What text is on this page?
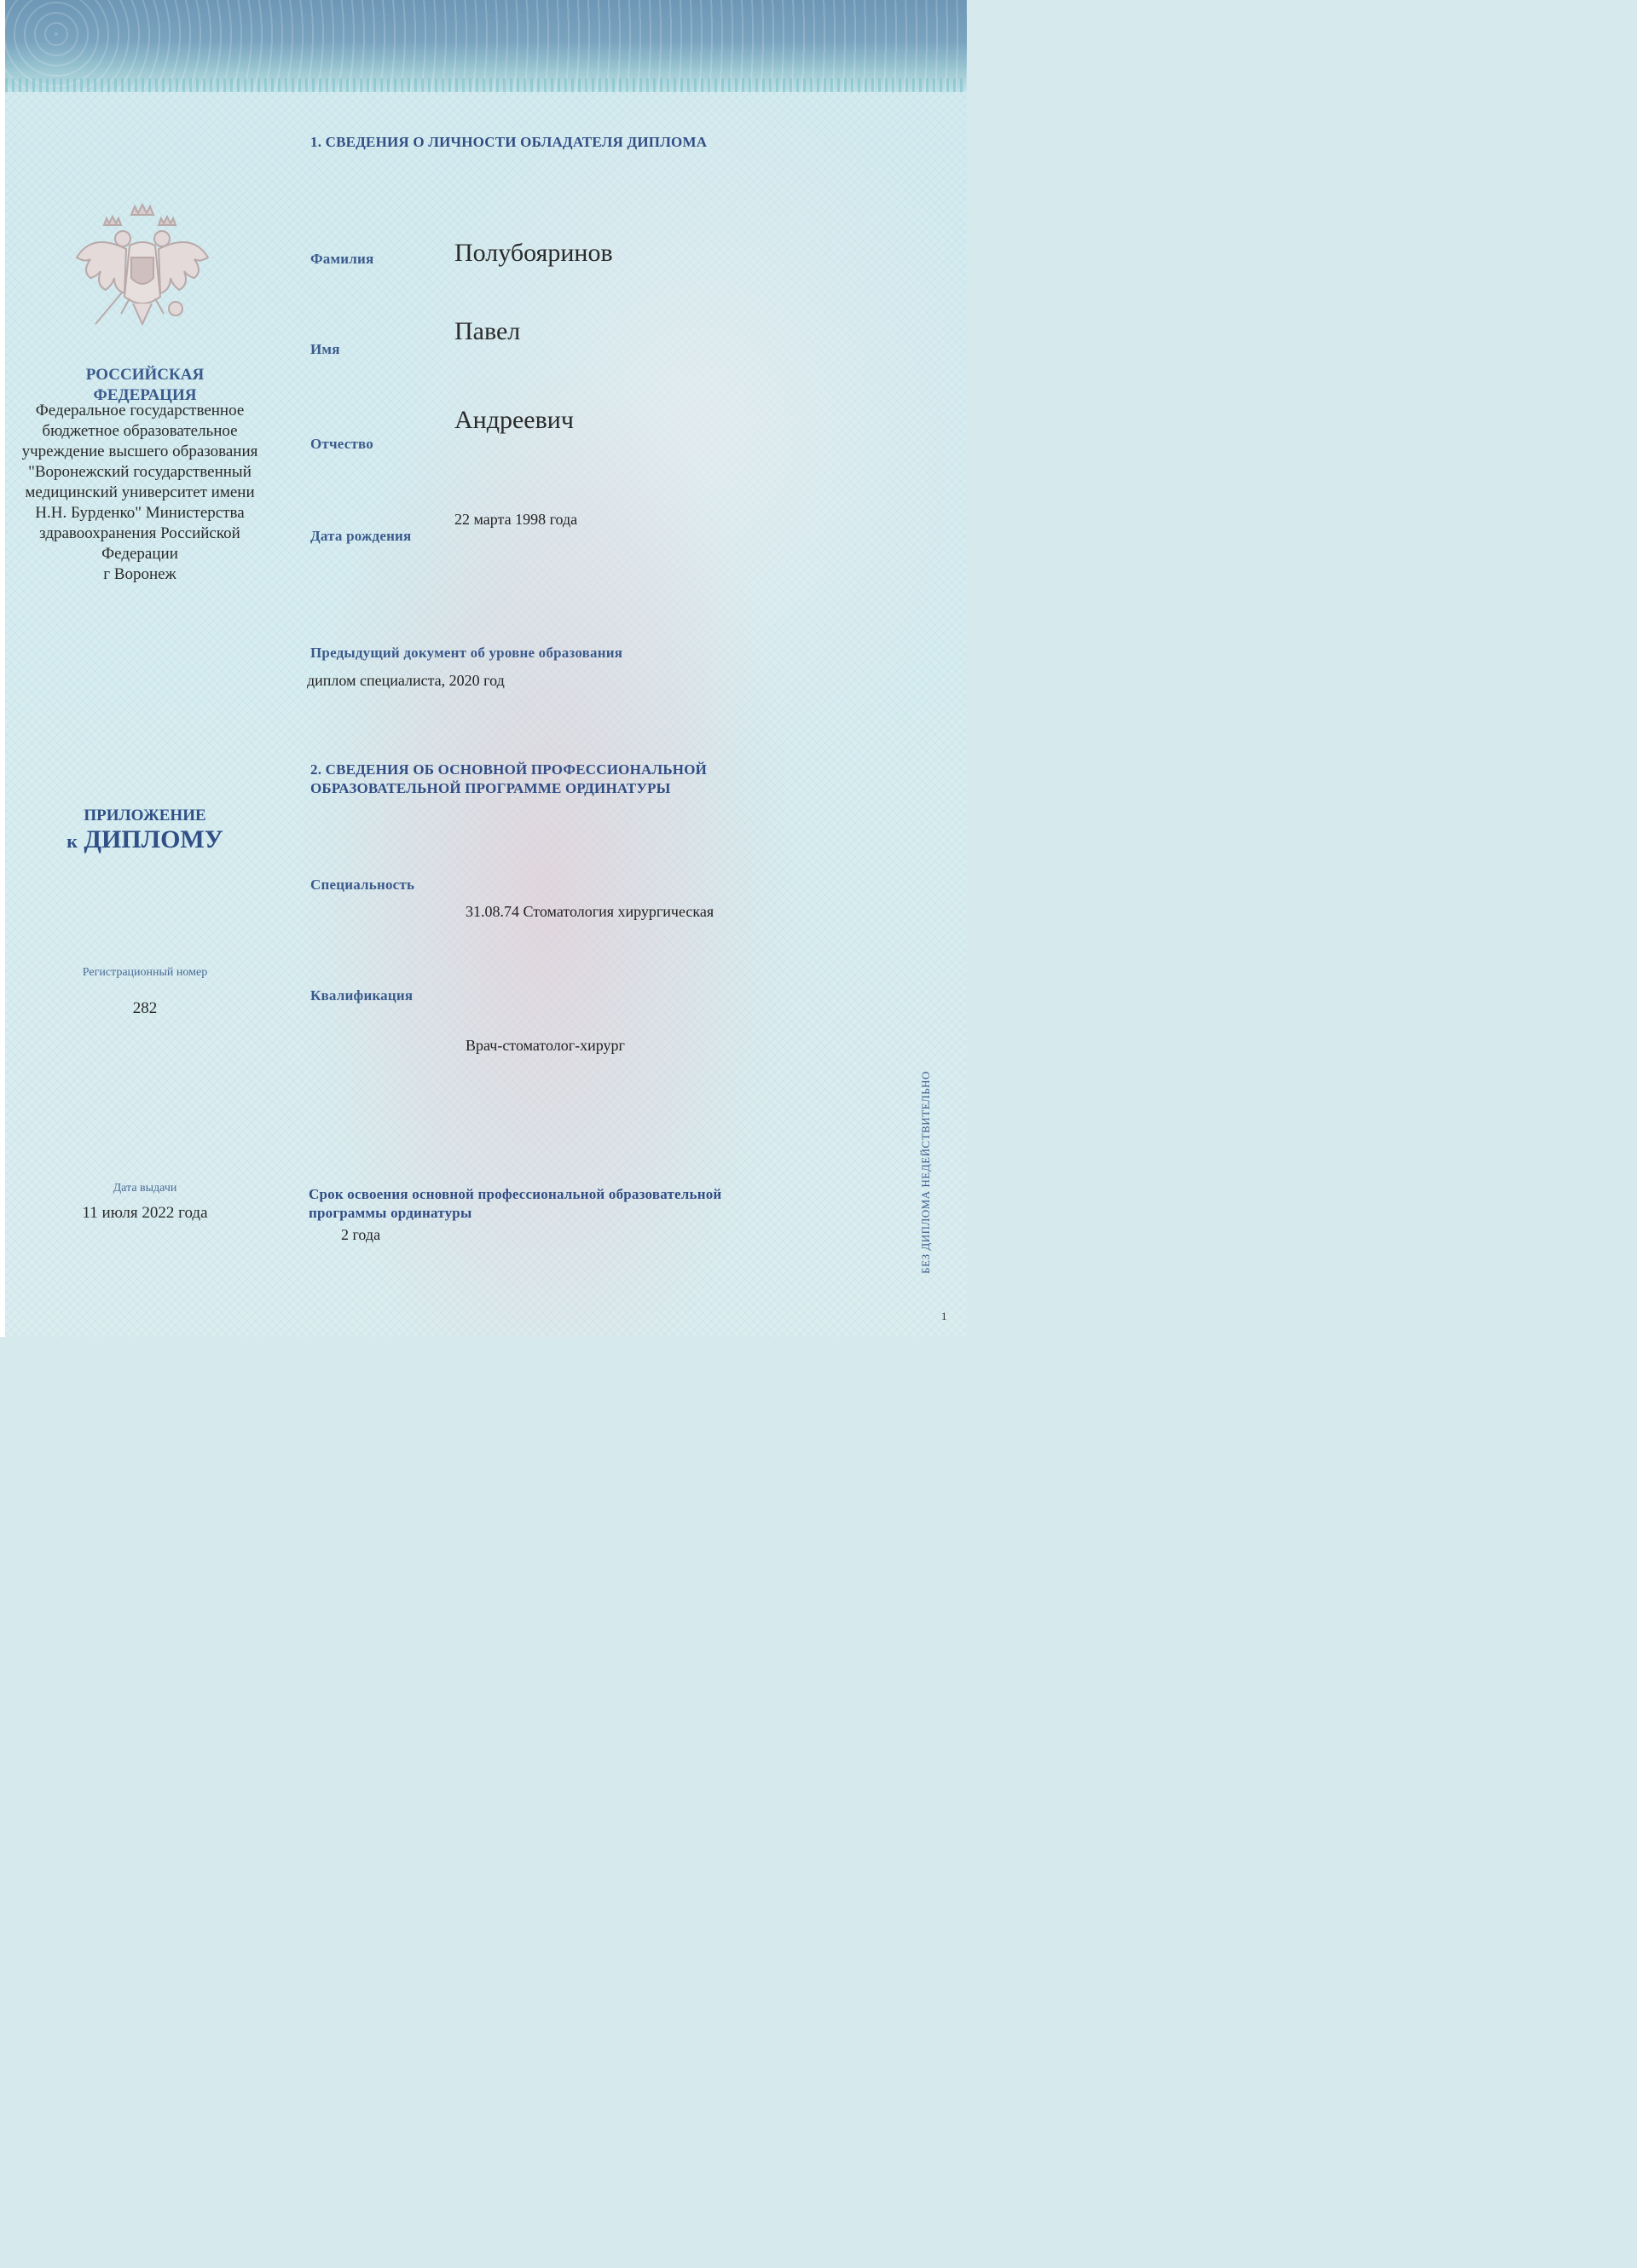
РОССИЙСКАЯ
ФЕДЕРАЦИЯ
Федеральное государственное
бюджетное образовательное
учреждение высшего образования
"Воронежский государственный
медицинский университет имени
Н.Н. Бурденко" Министерства
здравоохранения Российской
Федерации
г Воронеж
ПРИЛОЖЕНИЕ
к ДИПЛОМУ
Регистрационный номер
282
Дата выдачи
11 июля 2022 года
1. СВЕДЕНИЯ О ЛИЧНОСТИ ОБЛАДАТЕЛЯ ДИПЛОМА
Фамилия	Полубояринов
Имя
Павел
Отчество
Андреевич
Дата рождения
22 марта 1998 года
Предыдущий документ об уровне образования
диплом специалиста, 2020 год
2. СВЕДЕНИЯ ОБ ОСНОВНОЙ ПРОФЕССИОНАЛЬНОЙ
ОБРАЗОВАТЕЛЬНОЙ ПРОГРАММЕ ОРДИНАТУРЫ
Специальность
31.08.74 Стоматология хирургическая
Квалификация
Врач-стоматолог-хирург
Срок освоения основной профессиональной образовательной
программы ординатуры
2 года	БЕЗ ДИПЛОМА НЕДЕЙСТВИТЕЛЬНО
1
